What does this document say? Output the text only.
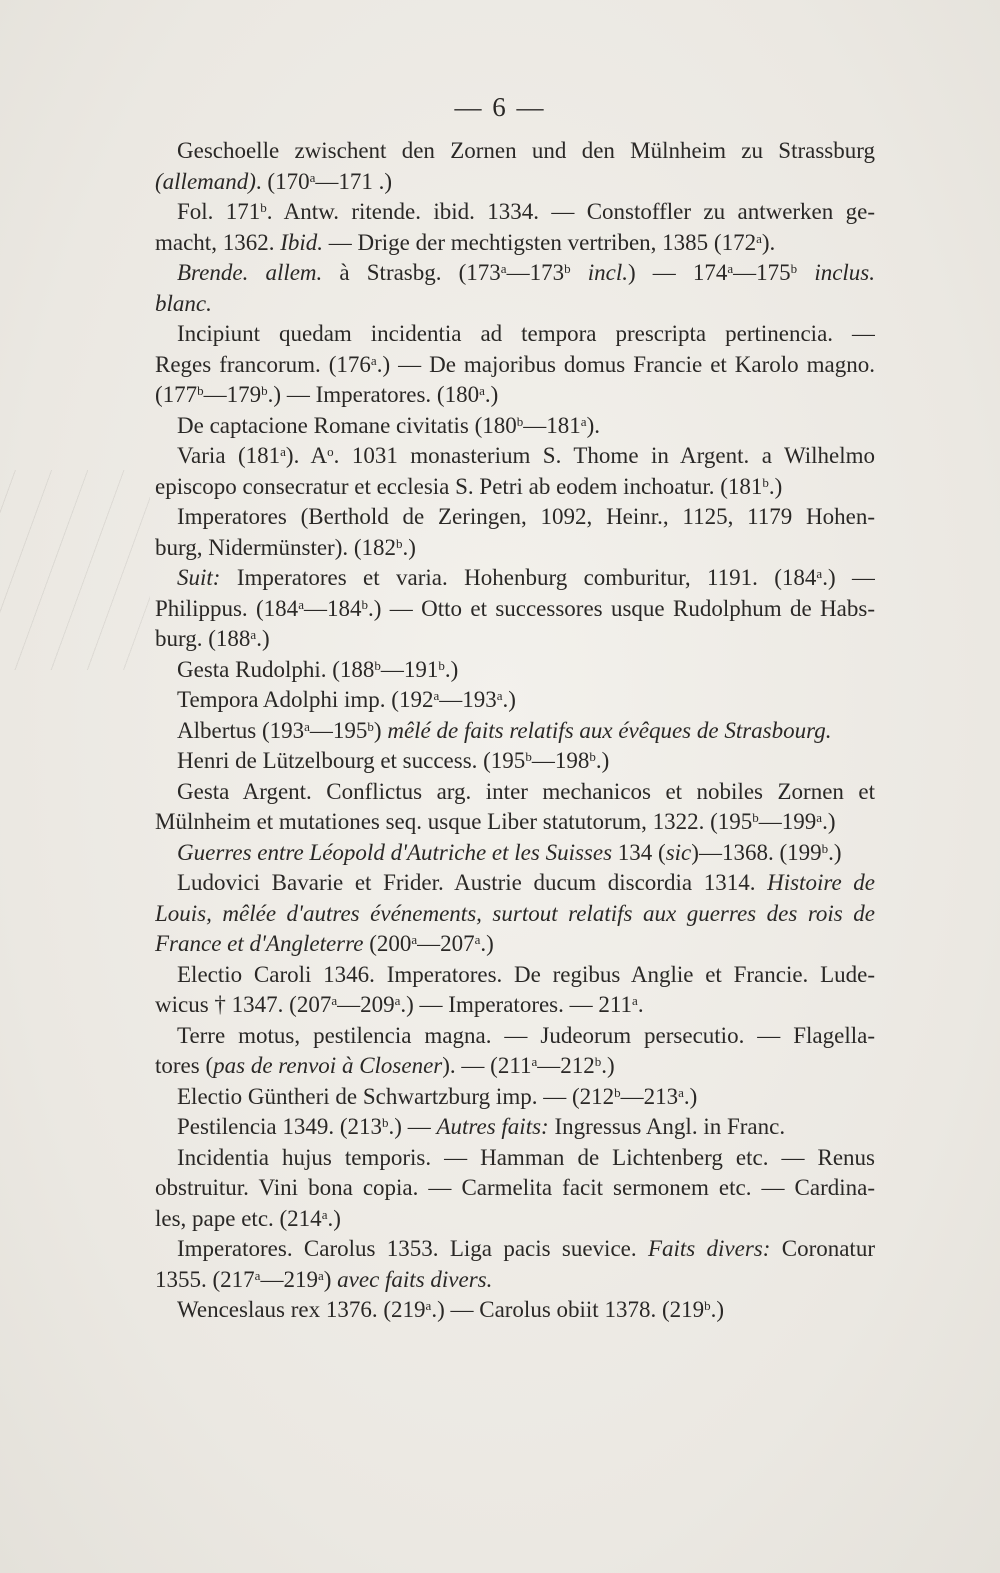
— 6 —
Geschoelle zwischent den Zornen und den Mülnheim zu Strassburg
(allemand). (170$^a$—171 .)
Fol. 171$^b$. Antw. ritende. ibid. 1334. — Constoffler zu antwerken ge-
macht, 1362. Ibid. — Drige der mechtigsten vertriben, 1385 (172$^a$).
Brende. allem. à Strasbg. (173$^a$—173$^b$ incl.) — 174$^a$—175$^b$ inclus.
blanc.
Incipiunt quedam incidentia ad tempora prescripta pertinencia. —
Reges francorum. (176$^a$.) — De majoribus domus Francie et Karolo magno.
(177$^b$—179$^b$.) — Imperatores. (180$^a$.)
De captacione Romane civitatis (180$^b$—181$^a$).
Varia (181$^a$). $A^o$. 1031 monasterium S. Thome in Argent. a Wilhelmo
episcopo consecratur et ecclesia S. Petri ab eodem inchoatur. (181$^b$.)
Imperatores (Berthold de Zeringen, 1092, Heinr., 1125, 1179 Hohen-
burg, Nidermünster). (182$^b$.)
Suit: Imperatores et varia. Hohenburg comburitur, 1191. (184$^a$.) —
Philippus. (184$^a$—184$^b$.) — Otto et successores usque Rudolphum de Habs-
burg. (188$^a$.)
Gesta Rudolphi. (188$^b$—191$^b$.)
Tempora Adolphi imp. (192$^a$—193$^a$.)
Albertus (193$^a$—195$^b$) mêlé de faits relatifs aux évêques de Strasbourg.
Henri de Lützelbourg et success. (195$^b$—198$^b$.)
Gesta Argent. Conflictus arg. inter mechanicos et nobiles Zornen et
Mülnheim et mutationes seq. usque Liber statutorum, 1322. (195$^b$—199$^a$.)
Guerres entre Léopold d'Autriche et les Suisses 134 (sic)—1368. (199$^b$.)
Ludovici Bavarie et Frider. Austrie ducum discordia 1314. Histoire de
Louis, mêlée d'autres événements, surtout relatifs aux guerres des rois de
France et d'Angleterre (200$^a$—207$^a$.)
Electio Caroli 1346. Imperatores. De regibus Anglie et Francie. Lude-
wicus † 1347. (207$^a$—209$^a$.) — Imperatores. — 211$^a$.
Terre motus, pestilencia magna. — Judeorum persecutio. — Flagella-
tores (pas de renvoi à Closener). — (211$^a$—212$^b$.)
Electio Güntheri de Schwartzburg imp. — (212$^b$—213$^a$.)
Pestilencia 1349. (213$^b$.) — Autres faits: Ingressus Angl. in Franc.
Incidentia hujus temporis. — Hamman de Lichtenberg etc. — Renus
obstruitur. Vini bona copia. — Carmelita facit sermonem etc. — Cardina-
les, pape etc. (214$^a$.)
Imperatores. Carolus 1353. Liga pacis suevice. Faits divers: Coronatur
1355. (217$^a$—219$^a$) avec faits divers.
Wenceslaus rex 1376. (219$^a$.) — Carolus obiit 1378. (219$^b$.)
